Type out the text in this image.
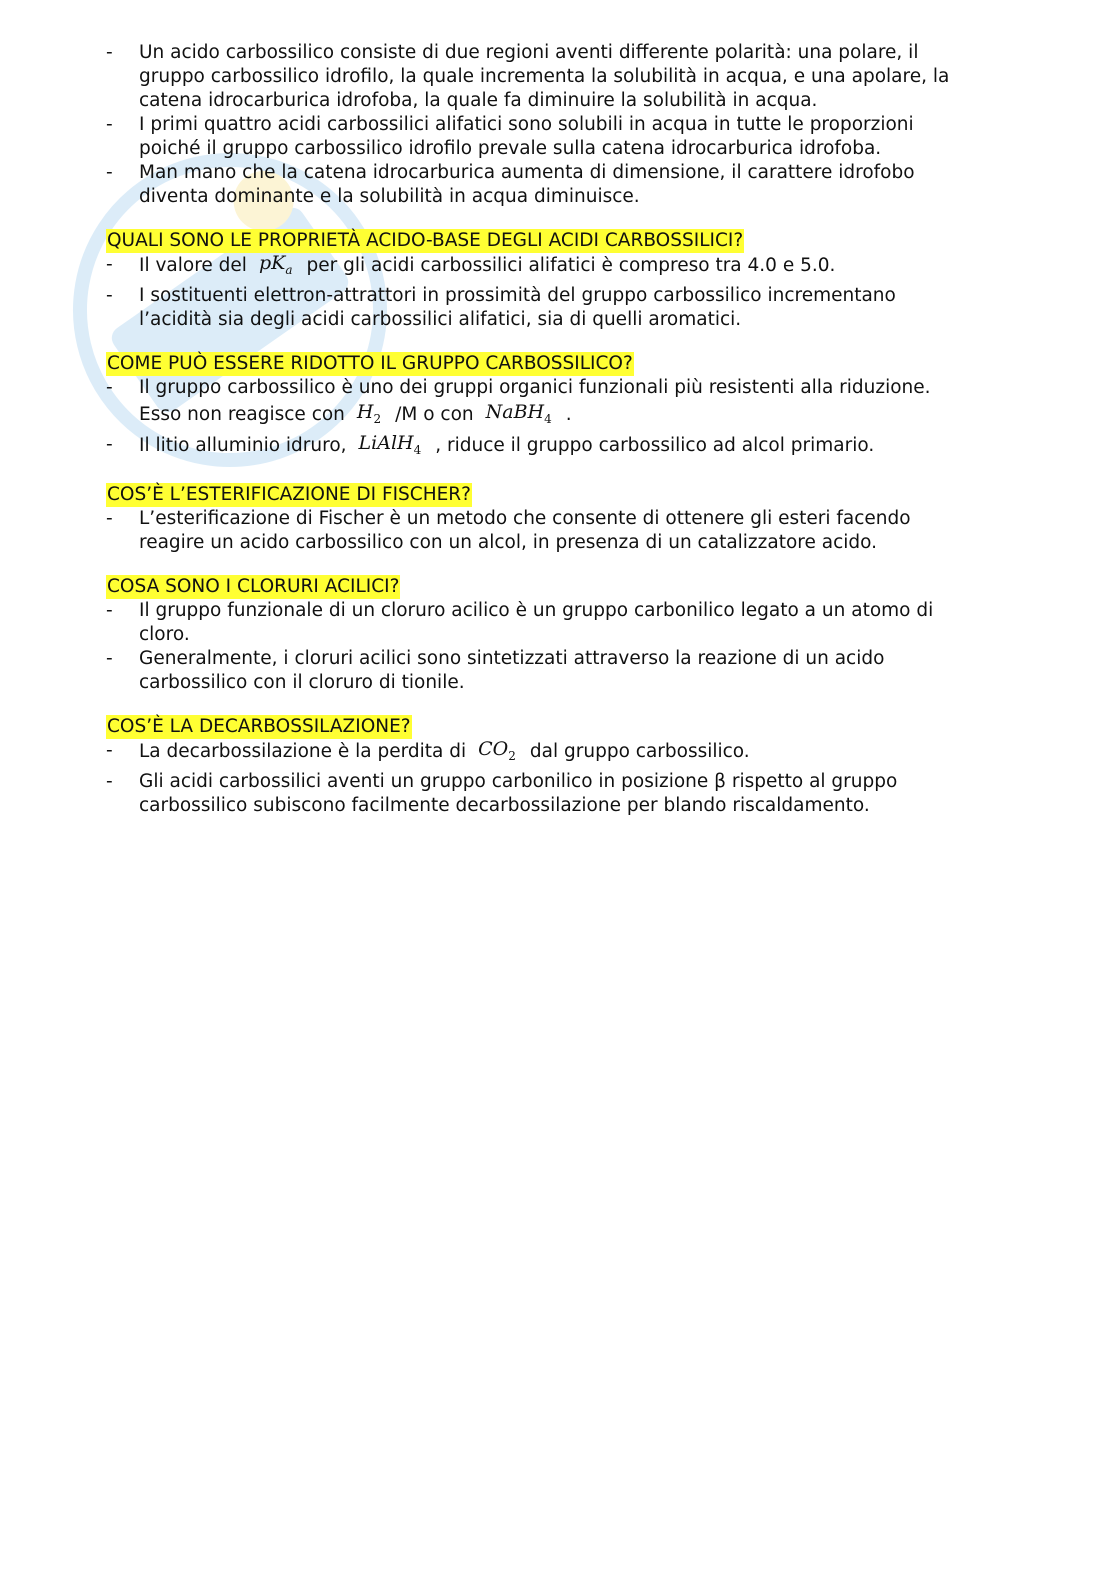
-	Un acido carbossilico consiste di due regioni aventi differente polarità: una polare, il
gruppo carbossilico idrofilo, la quale incrementa la solubilità in acqua, e una apolare, la
catena idrocarburica idrofoba, la quale fa diminuire la solubilità in acqua.
-	I primi quattro acidi carbossilici alifatici sono solubili in acqua in tutte le proporzioni
poiché il gruppo carbossilico idrofilo prevale sulla catena idrocarburica idrofoba.
-	Man mano che la catena idrocarburica aumenta di dimensione, il carattere idrofobo
diventa dominante e la solubilità in acqua diminuisce.
QUALI SONO LE PROPRIETÀ ACIDO-BASE DEGLI ACIDI CARBOSSILICI?
-	Il valore del $pK_a$ per gli acidi carbossilici alifatici è compreso tra 4.0 e 5.0.
-	I sostituenti elettron-attrattori in prossimità del gruppo carbossilico incrementano
l’acidità sia degli acidi carbossilici alifatici, sia di quelli aromatici.
COME PUÒ ESSERE RIDOTTO IL GRUPPO CARBOSSILICO?
-	Il gruppo carbossilico è uno dei gruppi organici funzionali più resistenti alla riduzione.
Esso non reagisce con $H_2$ /M o con NaBH$_4$ .
-	Il litio alluminio idruro, LiAlH$_4$ , riduce il gruppo carbossilico ad alcol primario.
COS’È L’ESTERIFICAZIONE DI FISCHER?
-	L’esterificazione di Fischer è un metodo che consente di ottenere gli esteri facendo
reagire un acido carbossilico con un alcol, in presenza di un catalizzatore acido.
COSA SONO I CLORURI ACILICI?
-	Il gruppo funzionale di un cloruro acilico è un gruppo carbonilico legato a un atomo di
cloro.
-	Generalmente, i cloruri acilici sono sintetizzati attraverso la reazione di un acido
carbossilico con il cloruro di tionile.
COS’È LA DECARBOSSILAZIONE?
-	La decarbossilazione è la perdita di $CO_2$ dal gruppo carbossilico.
-	Gli acidi carbossilici aventi un gruppo carbonilico in posizione β rispetto al gruppo
carbossilico subiscono facilmente decarbossilazione per blando riscaldamento.
